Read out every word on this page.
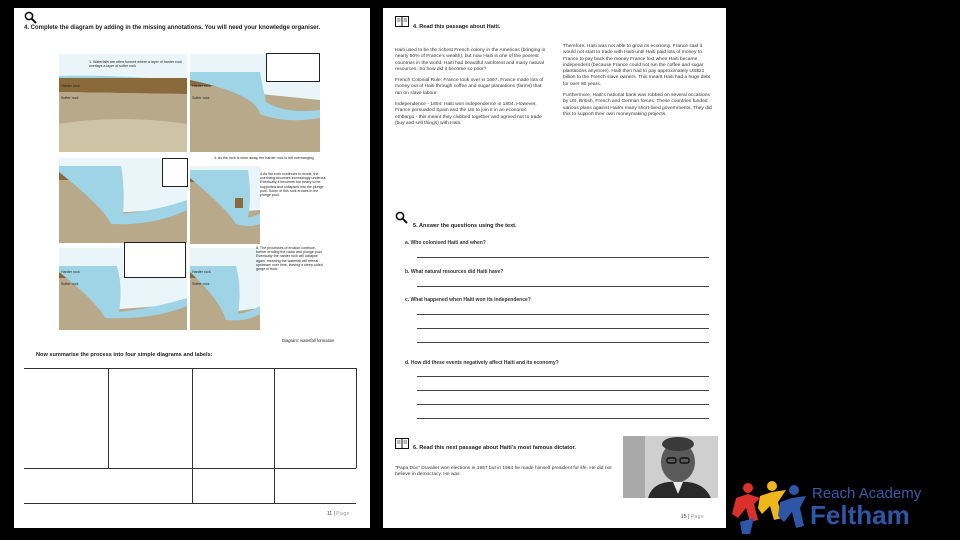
4. Complete the diagram by adding in the missing annotations. You will need your knowledge organiser.
1. Waterfalls are often formed where a layer of harder rock overlays a layer of softer rock
Harder rock
Softer rock
Harder rock
Softer rock
4. As the rock is worn away, the harder rock is left overhanging
4.As the rock continues to erode, the overhang becomes increasingly undercut. Eventually it becomes too heavy to be supported and collapses into the plunge pool. Some of this rock erodes in the plunge pool.
Harder rock
Softer rock
Harder rock
Softer rock
6. The processes of erosion continue, further eroding the rocks and plunge pool. Eventually the harder rock will collapse again, meaning the waterfall will retreat upstream over time, leaving a steep-sided gorge in front.
Diagram: waterfall formation
Now summarise the process into four simple diagrams and labels:
11 | Page
4. Read this passage about Haiti.

Haiti used to be the richest French colony in the Americas (bringing in nearly 50% of France's wealth), but now Haiti is one of the poorest countries in the world. Haiti had beautiful rainforest and many natural resources. So how did it become so poor?

French Colonial Rule: France took over in 1697. France made lots of money out of Haiti through coffee and sugar plantations (farms) that ran on slave labour.

Independence - 1804: Haiti won independence in 1804. However, France persuaded Spain and the US to join it in an economic embargo - this meant they clubbed together and agreed not to trade (buy and sell things) with Haiti.

Therefore, Haiti was not able to grow its economy. France said it would not start to trade with Haiti until Haiti paid lots of money to France to pay back the money France lost when Haiti became independent (because France could not run the coffee and sugar plantations anymore). Haiti then had to pay approximately US$21 billion to the French slave owners. This meant Haiti had a huge debt for over 80 years.

Furthermore, Haiti's national bank was robbed on several occasions by US, British, French and German forces. These countries funded various plans against Haiti's many short-lived governments. They did this to support their own moneymaking projects.

5. Answer the questions using the text.
a. Who colonised Haiti and when?
b. What natural resources did Haiti have?
c. What happened when Haiti won its independence?
d. How did these events negatively affect Haiti and its economy?
6. Read this next passage about Haiti's most famous dictator.
"Papa Doc" Duvalier won elections in 1957 but in 1964 he made himself president for life. He did not believe in democracy. He was
15 | Page
Reach Academy
Feltham
